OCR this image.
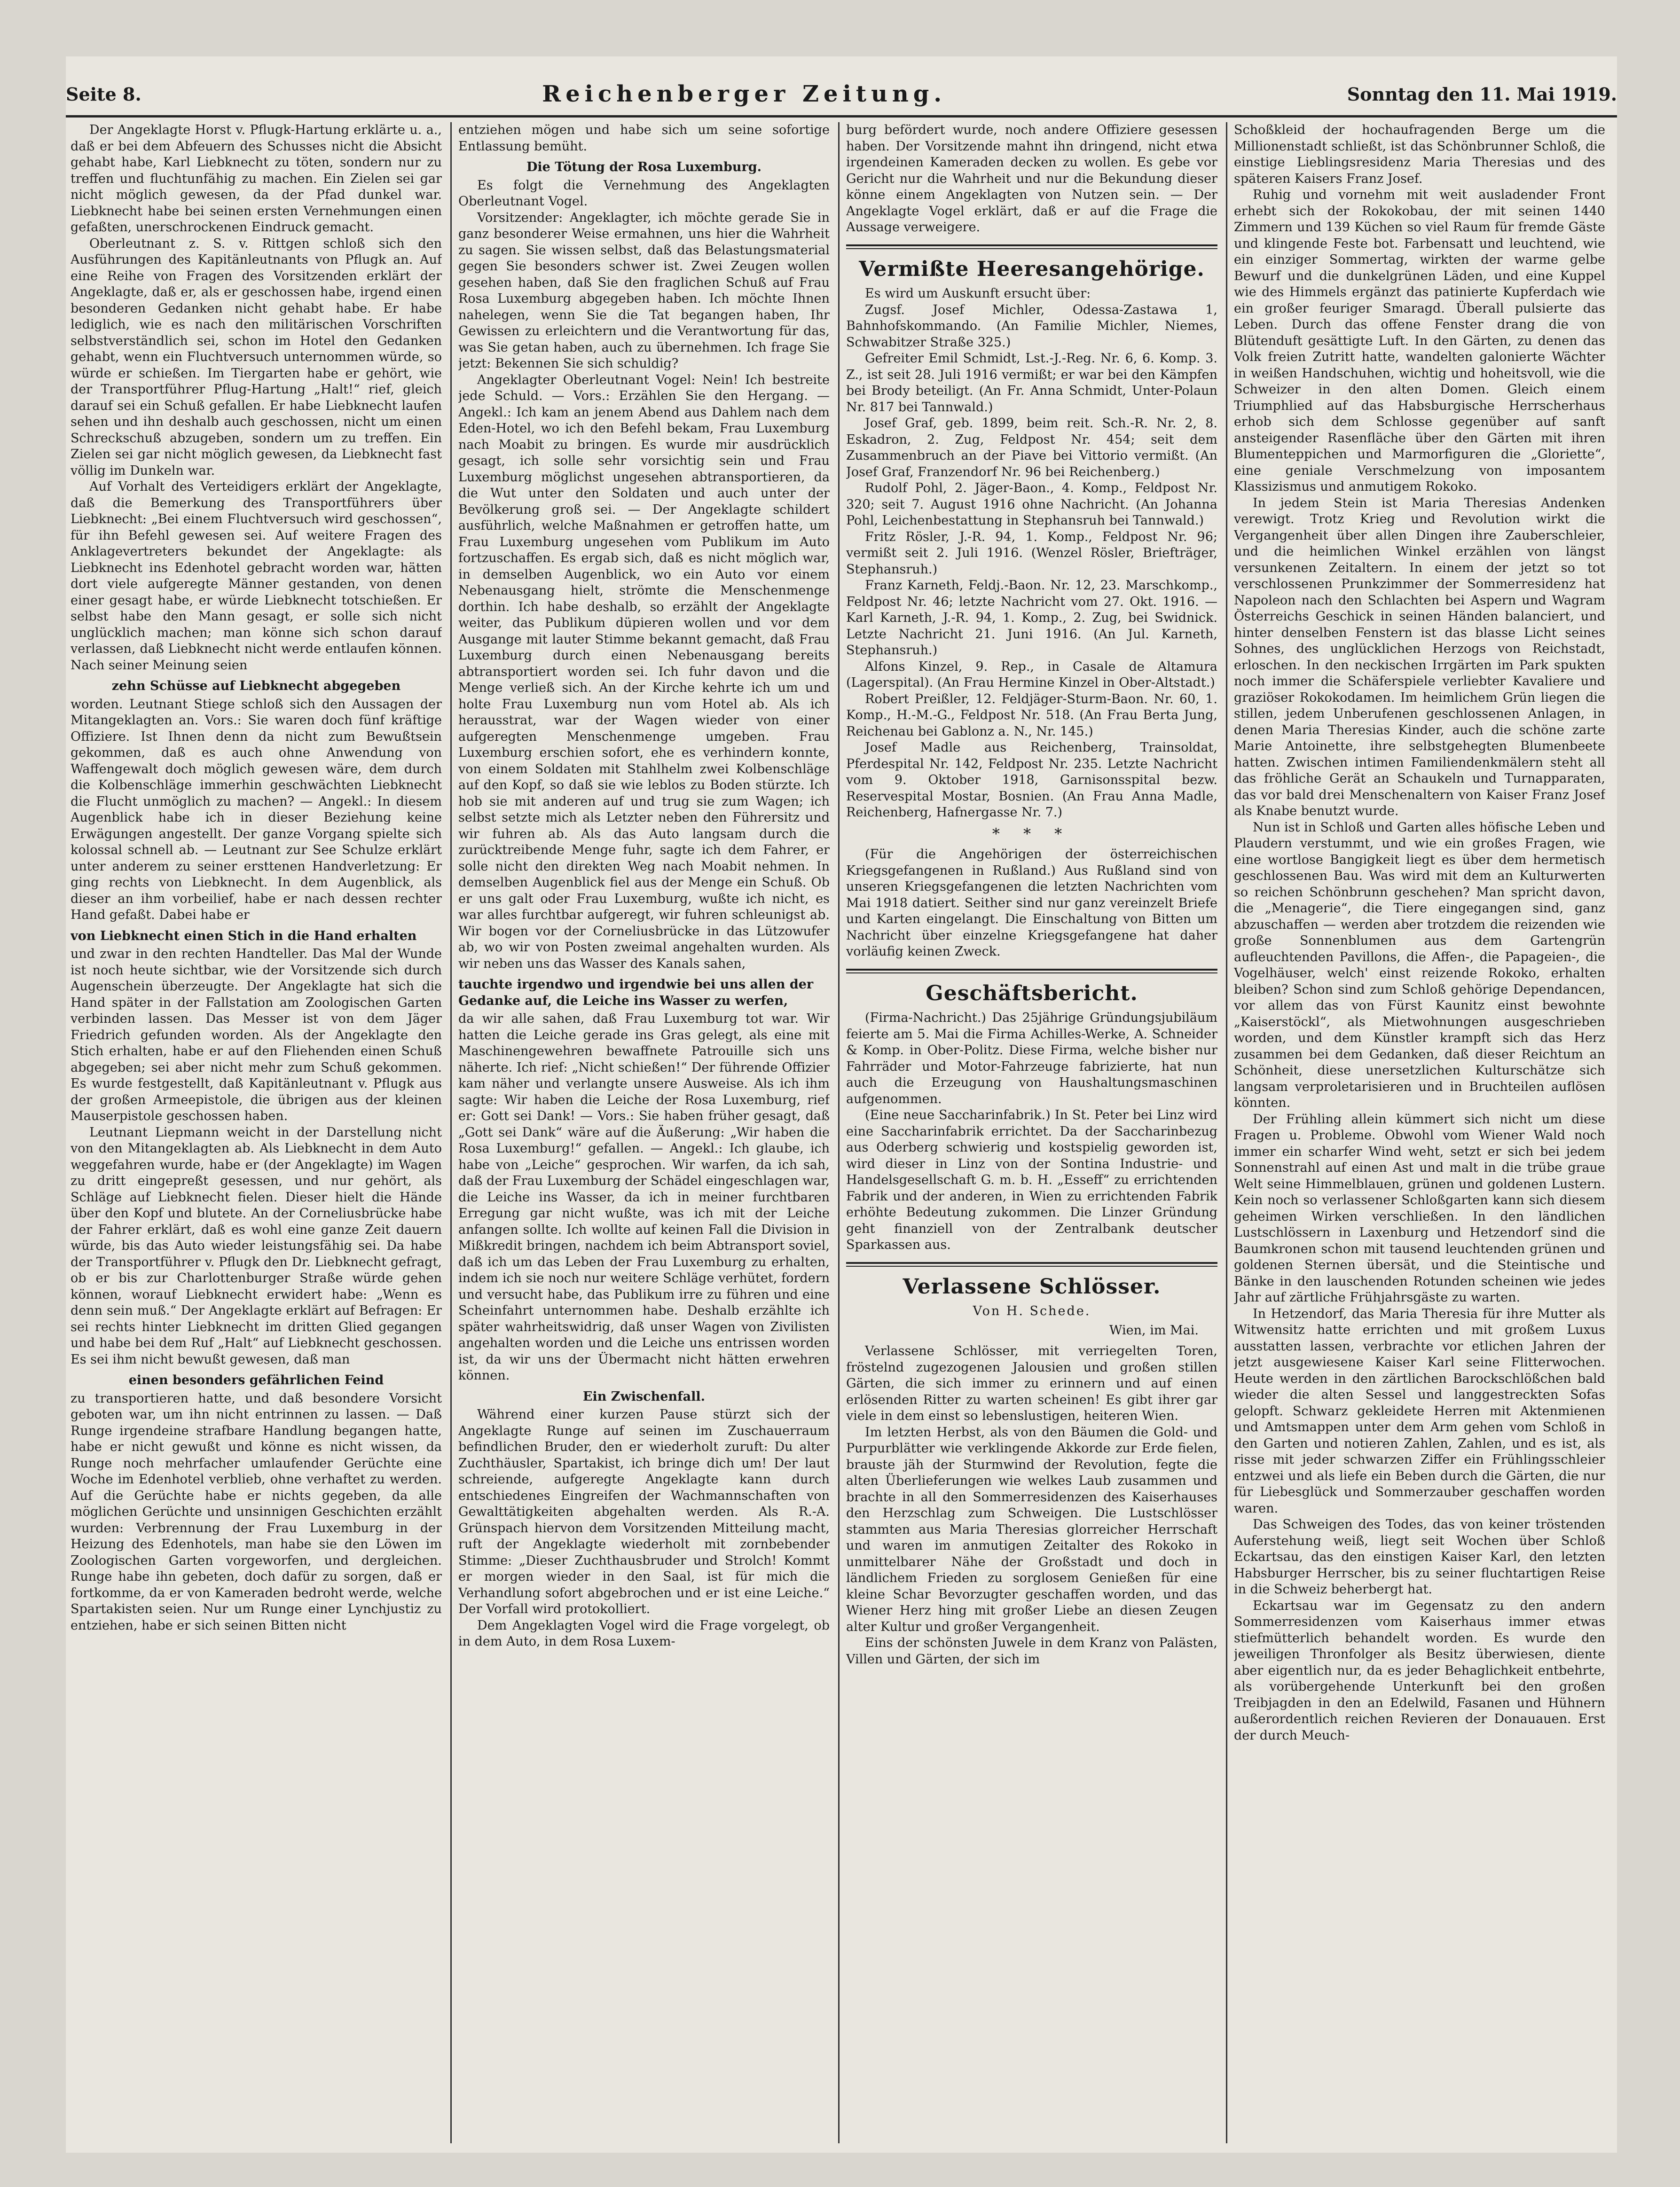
Seite 8.	Reichenberger Zeitung.	Sonntag den 11. Mai 1919.

Der Angeklagte Horst v. Pflugk-Hartung erklärte u. a., daß er bei dem Abfeuern des Schusses nicht die Absicht gehabt habe, Karl Liebknecht zu töten, sondern nur zu treffen und fluchtunfähig zu machen. Ein Zielen sei gar nicht möglich gewesen, da der Pfad dunkel war. Liebknecht habe bei seinen ersten Vernehmungen einen gefaßten, unerschrockenen Eindruck gemacht.

Oberleutnant z. S. v. Rittgen schloß sich den Ausführungen des Kapitänleutnants von Pflugk an. Auf eine Reihe von Fragen des Vorsitzenden erklärt der Angeklagte, daß er, als er geschossen habe, irgend einen besonderen Gedanken nicht gehabt habe. Er habe lediglich, wie es nach den militärischen Vorschriften selbstverständlich sei, schon im Hotel den Gedanken gehabt, wenn ein Fluchtversuch unternommen würde, so würde er schießen. Im Tiergarten habe er gehört, wie der Transportführer Pflug-Hartung „Halt!“ rief, gleich darauf sei ein Schuß gefallen. Er habe Liebknecht laufen sehen und ihn deshalb auch geschossen, nicht um einen Schreckschuß abzugeben, sondern um zu treffen. Ein Zielen sei gar nicht möglich gewesen, da Liebknecht fast völlig im Dunkeln war.

Auf Vorhalt des Verteidigers erklärt der Angeklagte, daß die Bemerkung des Transportführers über Liebknecht: „Bei einem Fluchtversuch wird geschossen“, für ihn Befehl gewesen sei. Auf weitere Fragen des Anklagevertreters bekundet der Angeklagte: als Liebknecht ins Edenhotel gebracht worden war, hätten dort viele aufgeregte Männer gestanden, von denen einer gesagt habe, er würde Liebknecht totschießen. Er selbst habe den Mann gesagt, er solle sich nicht unglücklich machen; man könne sich schon darauf verlassen, daß Liebknecht nicht werde entlaufen können. Nach seiner Meinung seien

zehn Schüsse auf Liebknecht abgegeben

worden. Leutnant Stiege schloß sich den Aussagen der Mitangeklagten an. Vors.: Sie waren doch fünf kräftige Offiziere. Ist Ihnen denn da nicht zum Bewußtsein gekommen, daß es auch ohne Anwendung von Waffengewalt doch möglich gewesen wäre, dem durch die Kolbenschläge immerhin geschwächten Liebknecht die Flucht unmöglich zu machen? — Angekl.: In diesem Augenblick habe ich in dieser Beziehung keine Erwägungen angestellt. Der ganze Vorgang spielte sich kolossal schnell ab. — Leutnant zur See Schulze erklärt unter anderem zu seiner ersttenen Handverletzung: Er ging rechts von Liebknecht. In dem Augenblick, als dieser an ihm vorbeilief, habe er nach dessen rechter Hand gefaßt. Dabei habe er

von Liebknecht einen Stich in die Hand erhalten

und zwar in den rechten Handteller. Das Mal der Wunde ist noch heute sichtbar, wie der Vorsitzende sich durch Augenschein überzeugte. Der Angeklagte hat sich die Hand später in der Fallstation am Zoologischen Garten verbinden lassen. Das Messer ist von dem Jäger Friedrich gefunden worden. Als der Angeklagte den Stich erhalten, habe er auf den Fliehenden einen Schuß abgegeben; sei aber nicht mehr zum Schuß gekommen. Es wurde festgestellt, daß Kapitänleutnant v. Pflugk aus der großen Armeepistole, die übrigen aus der kleinen Mauserpistole geschossen haben.

Leutnant Liepmann weicht in der Darstellung nicht von den Mitangeklagten ab. Als Liebknecht in dem Auto weggefahren wurde, habe er (der Angeklagte) im Wagen zu dritt eingepreßt gesessen, und nur gehört, als Schläge auf Liebknecht fielen. Dieser hielt die Hände über den Kopf und blutete. An der Corneliusbrücke habe der Fahrer erklärt, daß es wohl eine ganze Zeit dauern würde, bis das Auto wieder leistungsfähig sei. Da habe der Transportführer v. Pflugk den Dr. Liebknecht gefragt, ob er bis zur Charlottenburger Straße würde gehen können, worauf Liebknecht erwidert habe: „Wenn es denn sein muß.“ Der Angeklagte erklärt auf Befragen: Er sei rechts hinter Liebknecht im dritten Glied gegangen und habe bei dem Ruf „Halt“ auf Liebknecht geschossen. Es sei ihm nicht bewußt gewesen, daß man

einen besonders gefährlichen Feind

zu transportieren hatte, und daß besondere Vorsicht geboten war, um ihn nicht entrinnen zu lassen. — Daß Runge irgendeine strafbare Handlung begangen hatte, habe er nicht gewußt und könne es nicht wissen, da Runge noch mehrfacher umlaufender Gerüchte eine Woche im Edenhotel verblieb, ohne verhaftet zu werden. Auf die Gerüchte habe er nichts gegeben, da alle möglichen Gerüchte und unsinnigen Geschichten erzählt wurden: Verbrennung der Frau Luxemburg in der Heizung des Edenhotels, man habe sie den Löwen im Zoologischen Garten vorgeworfen, und dergleichen. Runge habe ihn gebeten, doch dafür zu sorgen, daß er fortkomme, da er von Kameraden bedroht werde, welche Spartakisten seien. Nur um Runge einer Lynchjustiz zu entziehen, habe er sich seinen Bitten nicht

entziehen mögen und habe sich um seine sofortige Entlassung bemüht.

Die Tötung der Rosa Luxemburg.

Es folgt die Vernehmung des Angeklagten Oberleutnant Vogel.

Vorsitzender: Angeklagter, ich möchte gerade Sie in ganz besonderer Weise ermahnen, uns hier die Wahrheit zu sagen. Sie wissen selbst, daß das Belastungsmaterial gegen Sie besonders schwer ist. Zwei Zeugen wollen gesehen haben, daß Sie den fraglichen Schuß auf Frau Rosa Luxemburg abgegeben haben. Ich möchte Ihnen nahelegen, wenn Sie die Tat begangen haben, Ihr Gewissen zu erleichtern und die Verantwortung für das, was Sie getan haben, auch zu übernehmen. Ich frage Sie jetzt: Bekennen Sie sich schuldig?

Angeklagter Oberleutnant Vogel: Nein! Ich bestreite jede Schuld. — Vors.: Erzählen Sie den Hergang. — Angekl.: Ich kam an jenem Abend aus Dahlem nach dem Eden-Hotel, wo ich den Befehl bekam, Frau Luxemburg nach Moabit zu bringen. Es wurde mir ausdrücklich gesagt, ich solle sehr vorsichtig sein und Frau Luxemburg möglichst ungesehen abtransportieren, da die Wut unter den Soldaten und auch unter der Bevölkerung groß sei. — Der Angeklagte schildert ausführlich, welche Maßnahmen er getroffen hatte, um Frau Luxemburg ungesehen vom Publikum im Auto fortzuschaffen. Es ergab sich, daß es nicht möglich war, in demselben Augenblick, wo ein Auto vor einem Nebenausgang hielt, strömte die Menschenmenge dorthin. Ich habe deshalb, so erzählt der Angeklagte weiter, das Publikum düpieren wollen und vor dem Ausgange mit lauter Stimme bekannt gemacht, daß Frau Luxemburg durch einen Nebenausgang bereits abtransportiert worden sei. Ich fuhr davon und die Menge verließ sich. An der Kirche kehrte ich um und holte Frau Luxemburg nun vom Hotel ab. Als ich herausstrat, war der Wagen wieder von einer aufgeregten Menschenmenge umgeben. Frau Luxemburg erschien sofort, ehe es verhindern konnte, von einem Soldaten mit Stahlhelm zwei Kolbenschläge auf den Kopf, so daß sie wie leblos zu Boden stürzte. Ich hob sie mit anderen auf und trug sie zum Wagen; ich selbst setzte mich als Letzter neben den Führersitz und wir fuhren ab. Als das Auto langsam durch die zurücktreibende Menge fuhr, sagte ich dem Fahrer, er solle nicht den direkten Weg nach Moabit nehmen. In demselben Augenblick fiel aus der Menge ein Schuß. Ob er uns galt oder Frau Luxemburg, wußte ich nicht, es war alles furchtbar aufgeregt, wir fuhren schleunigst ab. Wir bogen vor der Corneliusbrücke in das Lützowufer ab, wo wir von Posten zweimal angehalten wurden. Als wir neben uns das Wasser des Kanals sahen,

tauchte irgendwo und irgendwie bei uns allen der Gedanke auf, die Leiche ins Wasser zu werfen,

da wir alle sahen, daß Frau Luxemburg tot war. Wir hatten die Leiche gerade ins Gras gelegt, als eine mit Maschinengewehren bewaffnete Patrouille sich uns näherte. Ich rief: „Nicht schießen!“ Der führende Offizier kam näher und verlangte unsere Ausweise. Als ich ihm sagte: Wir haben die Leiche der Rosa Luxemburg, rief er: Gott sei Dank! — Vors.: Sie haben früher gesagt, daß „Gott sei Dank“ wäre auf die Äußerung: „Wir haben die Rosa Luxemburg!“ gefallen. — Angekl.: Ich glaube, ich habe von „Leiche“ gesprochen. Wir warfen, da ich sah, daß der Frau Luxemburg der Schädel eingeschlagen war, die Leiche ins Wasser, da ich in meiner furchtbaren Erregung gar nicht wußte, was ich mit der Leiche anfangen sollte. Ich wollte auf keinen Fall die Division in Mißkredit bringen, nachdem ich beim Abtransport soviel, daß ich um das Leben der Frau Luxemburg zu erhalten, indem ich sie noch nur weitere Schläge verhütet, fordern und versucht habe, das Publikum irre zu führen und eine Scheinfahrt unternommen habe. Deshalb erzählte ich später wahrheitswidrig, daß unser Wagen von Zivilisten angehalten worden und die Leiche uns entrissen worden ist, da wir uns der Übermacht nicht hätten erwehren können.

Ein Zwischenfall.

Während einer kurzen Pause stürzt sich der Angeklagte Runge auf seinen im Zuschauerraum befindlichen Bruder, den er wiederholt zuruft: Du alter Zuchthäusler, Spartakist, ich bringe dich um! Der laut schreiende, aufgeregte Angeklagte kann durch entschiedenes Eingreifen der Wachmannschaften von Gewalttätigkeiten abgehalten werden. Als R.-A. Grünspach hiervon dem Vorsitzenden Mitteilung macht, ruft der Angeklagte wiederholt mit zornbebender Stimme: „Dieser Zuchthausbruder und Strolch! Kommt er morgen wieder in den Saal, ist für mich die Verhandlung sofort abgebrochen und er ist eine Leiche.“ Der Vorfall wird protokolliert.

Dem Angeklagten Vogel wird die Frage vorgelegt, ob in dem Auto, in dem Rosa Luxem-

burg befördert wurde, noch andere Offiziere gesessen haben. Der Vorsitzende mahnt ihn dringend, nicht etwa irgendeinen Kameraden decken zu wollen. Es gebe vor Gericht nur die Wahrheit und nur die Bekundung dieser könne einem Angeklagten von Nutzen sein. — Der Angeklagte Vogel erklärt, daß er auf die Frage die Aussage verweigere.

Vermißte Heeresangehörige.

Es wird um Auskunft ersucht über:

Zugsf. Josef Michler, Odessa-Zastawa 1, Bahnhofskommando. (An Familie Michler, Niemes, Schwabitzer Straße 325.)

Gefreiter Emil Schmidt, Lst.-J.-Reg. Nr. 6, 6. Komp. 3. Z., ist seit 28. Juli 1916 vermißt; er war bei den Kämpfen bei Brody beteiligt. (An Fr. Anna Schmidt, Unter-Polaun Nr. 817 bei Tannwald.)

Josef Graf, geb. 1899, beim reit. Sch.-R. Nr. 2, 8. Eskadron, 2. Zug, Feldpost Nr. 454; seit dem Zusammenbruch an der Piave bei Vittorio vermißt. (An Josef Graf, Franzendorf Nr. 96 bei Reichenberg.)

Rudolf Pohl, 2. Jäger-Baon., 4. Komp., Feldpost Nr. 320; seit 7. August 1916 ohne Nachricht. (An Johanna Pohl, Leichenbestattung in Stephansruh bei Tannwald.)

Fritz Rösler, J.-R. 94, 1. Komp., Feldpost Nr. 96; vermißt seit 2. Juli 1916. (Wenzel Rösler, Briefträger, Stephansruh.)

Franz Karneth, Feldj.-Baon. Nr. 12, 23. Marschkomp., Feldpost Nr. 46; letzte Nachricht vom 27. Okt. 1916. — Karl Karneth, J.-R. 94, 1. Komp., 2. Zug, bei Swidnick. Letzte Nachricht 21. Juni 1916. (An Jul. Karneth, Stephansruh.)

Alfons Kinzel, 9. Rep., in Casale de Altamura (Lagerspital). (An Frau Hermine Kinzel in Ober-Altstadt.)

Robert Preißler, 12. Feldjäger-Sturm-Baon. Nr. 60, 1. Komp., H.-M.-G., Feldpost Nr. 518. (An Frau Berta Jung, Reichenau bei Gablonz a. N., Nr. 145.)

Josef Madle aus Reichenberg, Trainsoldat, Pferdespital Nr. 142, Feldpost Nr. 235. Letzte Nachricht vom 9. Oktober 1918, Garnisonsspital bezw. Reservespital Mostar, Bosnien. (An Frau Anna Madle, Reichenberg, Hafnergasse Nr. 7.)

* * *

(Für die Angehörigen der österreichischen Kriegsgefangenen in Rußland.) Aus Rußland sind von unseren Kriegsgefangenen die letzten Nachrichten vom Mai 1918 datiert. Seither sind nur ganz vereinzelt Briefe und Karten eingelangt. Die Einschaltung von Bitten um Nachricht über einzelne Kriegsgefangene hat daher vorläufig keinen Zweck.

Geschäftsbericht.

(Firma-Nachricht.) Das 25jährige Gründungsjubiläum feierte am 5. Mai die Firma Achilles-Werke, A. Schneider & Komp. in Ober-Politz. Diese Firma, welche bisher nur Fahrräder und Motor-Fahrzeuge fabrizierte, hat nun auch die Erzeugung von Haushaltungsmaschinen aufgenommen.

(Eine neue Saccharinfabrik.) In St. Peter bei Linz wird eine Saccharinfabrik errichtet. Da der Saccharinbezug aus Oderberg schwierig und kostspielig geworden ist, wird dieser in Linz von der Sontina Industrie- und Handelsgesellschaft G. m. b. H. „Esseff“ zu errichtenden Fabrik und der anderen, in Wien zu errichtenden Fabrik erhöhte Bedeutung zukommen. Die Linzer Gründung geht finanziell von der Zentralbank deutscher Sparkassen aus.

Verlassene Schlösser.
Von H. Schede.
Wien, im Mai.

Verlassene Schlösser, mit verriegelten Toren, fröstelnd zugezogenen Jalousien und großen stillen Gärten, die sich immer zu erinnern und auf einen erlösenden Ritter zu warten scheinen! Es gibt ihrer gar viele in dem einst so lebenslustigen, heiteren Wien.

Im letzten Herbst, als von den Bäumen die Gold- und Purpurblätter wie verklingende Akkorde zur Erde fielen, brauste jäh der Sturmwind der Revolution, fegte die alten Überlieferungen wie welkes Laub zusammen und brachte in all den Sommerresidenzen des Kaiserhauses den Herzschlag zum Schweigen. Die Lustschlösser stammten aus Maria Theresias glorreicher Herrschaft und waren im anmutigen Zeitalter des Rokoko in unmittelbarer Nähe der Großstadt und doch in ländlichem Frieden zu sorglosem Genießen für eine kleine Schar Bevorzugter geschaffen worden, und das Wiener Herz hing mit großer Liebe an diesen Zeugen alter Kultur und großer Vergangenheit.

Eins der schönsten Juwele in dem Kranz von Palästen, Villen und Gärten, der sich im

Schoßkleid der hochaufragenden Berge um die Millionenstadt schließt, ist das Schönbrunner Schloß, die einstige Lieblingsresidenz Maria Theresias und des späteren Kaisers Franz Josef.

Ruhig und vornehm mit weit ausladender Front erhebt sich der Rokokobau, der mit seinen 1440 Zimmern und 139 Küchen so viel Raum für fremde Gäste und klingende Feste bot. Farbensatt und leuchtend, wie ein einziger Sommertag, wirkten der warme gelbe Bewurf und die dunkelgrünen Läden, und eine Kuppel wie des Himmels ergänzt das patinierte Kupferdach wie ein großer feuriger Smaragd. Überall pulsierte das Leben. Durch das offene Fenster drang die von Blütenduft gesättigte Luft. In den Gärten, zu denen das Volk freien Zutritt hatte, wandelten galonierte Wächter in weißen Handschuhen, wichtig und hoheitsvoll, wie die Schweizer in den alten Domen. Gleich einem Triumphlied auf das Habsburgische Herrscherhaus erhob sich dem Schlosse gegenüber auf sanft ansteigender Rasenfläche über den Gärten mit ihren Blumenteppichen und Marmorfiguren die „Gloriette“, eine geniale Verschmelzung von imposantem Klassizismus und anmutigem Rokoko.

In jedem Stein ist Maria Theresias Andenken verewigt. Trotz Krieg und Revolution wirkt die Vergangenheit über allen Dingen ihre Zauberschleier, und die heimlichen Winkel erzählen von längst versunkenen Zeitaltern. In einem der jetzt so tot verschlossenen Prunkzimmer der Sommerresidenz hat Napoleon nach den Schlachten bei Aspern und Wagram Österreichs Geschick in seinen Händen balanciert, und hinter denselben Fenstern ist das blasse Licht seines Sohnes, des unglücklichen Herzogs von Reichstadt, erloschen. In den neckischen Irrgärten im Park spukten noch immer die Schäferspiele verliebter Kavaliere und graziöser Rokokodamen. Im heimlichem Grün liegen die stillen, jedem Unberufenen geschlossenen Anlagen, in denen Maria Theresias Kinder, auch die schöne zarte Marie Antoinette, ihre selbstgehegten Blumenbeete hatten. Zwischen intimen Familiendenkmälern steht all das fröhliche Gerät an Schaukeln und Turnapparaten, das vor bald drei Menschenaltern von Kaiser Franz Josef als Knabe benutzt wurde.

Nun ist in Schloß und Garten alles höfische Leben und Plaudern verstummt, und wie ein großes Fragen, wie eine wortlose Bangigkeit liegt es über dem hermetisch geschlossenen Bau. Was wird mit dem an Kulturwerten so reichen Schönbrunn geschehen? Man spricht davon, die „Menagerie“, die Tiere eingegangen sind, ganz abzuschaffen — werden aber trotzdem die reizenden wie große Sonnenblumen aus dem Gartengrün aufleuchtenden Pavillons, die Affen-, die Papageien-, die Vogelhäuser, welch' einst reizende Rokoko, erhalten bleiben? Schon sind zum Schloß gehörige Dependancen, vor allem das von Fürst Kaunitz einst bewohnte „Kaiserstöckl“, als Mietwohnungen ausgeschrieben worden, und dem Künstler krampft sich das Herz zusammen bei dem Gedanken, daß dieser Reichtum an Schönheit, diese unersetzlichen Kulturschätze sich langsam verproletarisieren und in Bruchteilen auflösen könnten.

Der Frühling allein kümmert sich nicht um diese Fragen u. Probleme. Obwohl vom Wiener Wald noch immer ein scharfer Wind weht, setzt er sich bei jedem Sonnenstrahl auf einen Ast und malt in die trübe graue Welt seine Himmelblauen, grünen und goldenen Lustern. Kein noch so verlassener Schloßgarten kann sich diesem geheimen Wirken verschließen. In den ländlichen Lustschlössern in Laxenburg und Hetzendorf sind die Baumkronen schon mit tausend leuchtenden grünen und goldenen Sternen übersät, und die Steintische und Bänke in den lauschenden Rotunden scheinen wie jedes Jahr auf zärtliche Frühjahrsgäste zu warten.

In Hetzendorf, das Maria Theresia für ihre Mutter als Witwensitz hatte errichten und mit großem Luxus ausstatten lassen, verbrachte vor etlichen Jahren der jetzt ausgewiesene Kaiser Karl seine Flitterwochen. Heute werden in den zärtlichen Barockschlößchen bald wieder die alten Sessel und langgestreckten Sofas gelopft. Schwarz gekleidete Herren mit Aktenmienen und Amtsmappen unter dem Arm gehen vom Schloß in den Garten und notieren Zahlen, Zahlen, und es ist, als risse mit jeder schwarzen Ziffer ein Frühlingsschleier entzwei und als liefe ein Beben durch die Gärten, die nur für Liebesglück und Sommerzauber geschaffen worden waren.

Das Schweigen des Todes, das von keiner tröstenden Auferstehung weiß, liegt seit Wochen über Schloß Eckartsau, das den einstigen Kaiser Karl, den letzten Habsburger Herrscher, bis zu seiner fluchtartigen Reise in die Schweiz beherbergt hat.

Eckartsau war im Gegensatz zu den andern Sommerresidenzen vom Kaiserhaus immer etwas stiefmütterlich behandelt worden. Es wurde den jeweiligen Thronfolger als Besitz überwiesen, diente aber eigentlich nur, da es jeder Behaglichkeit entbehrte, als vorübergehende Unterkunft bei den großen Treibjagden in den an Edelwild, Fasanen und Hühnern außerordentlich reichen Revieren der Donauauen. Erst der durch Meuch-
